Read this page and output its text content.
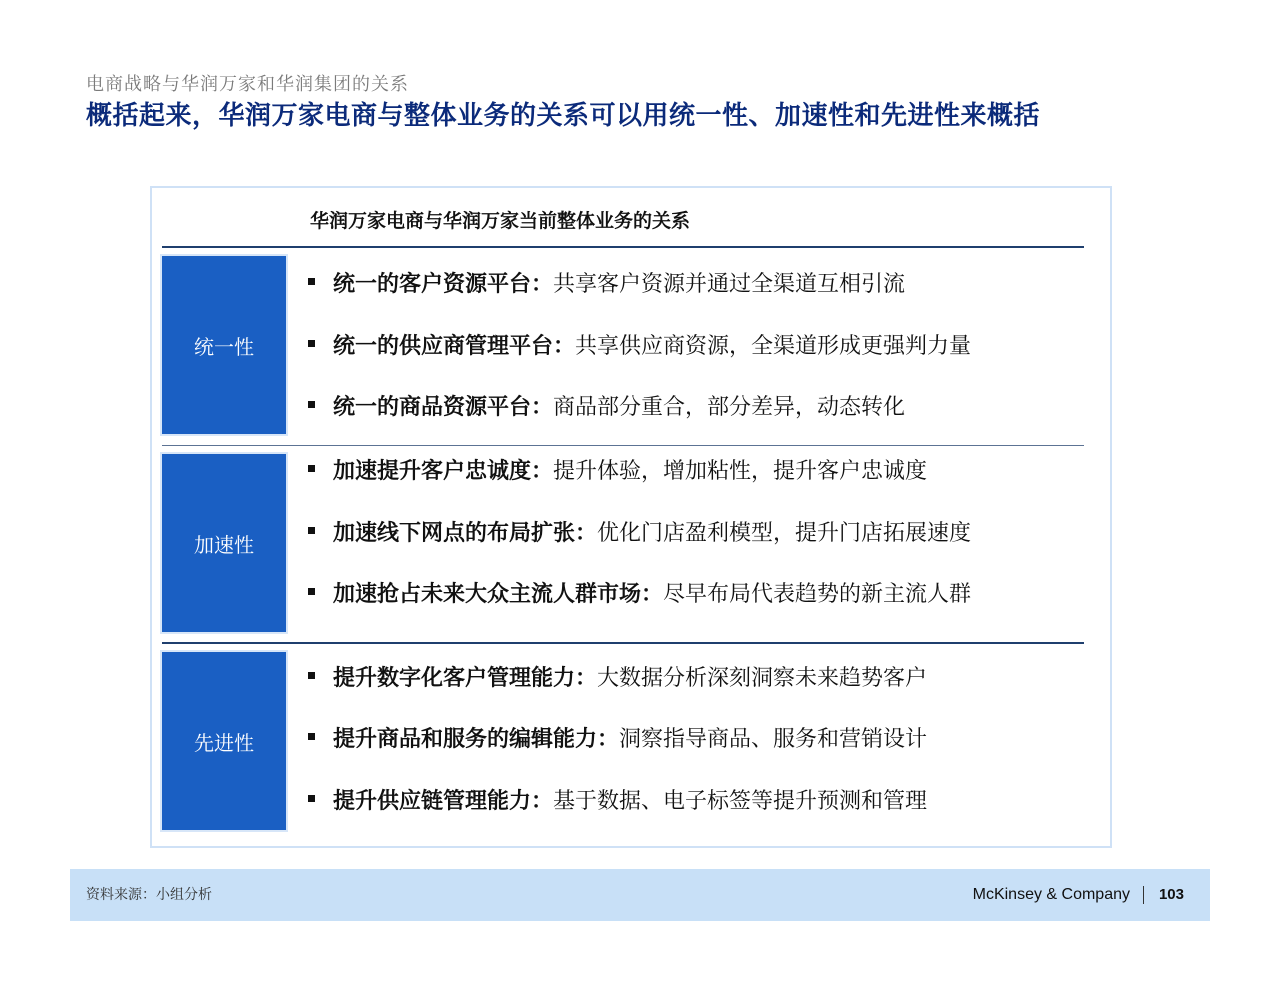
电商战略与华润万家和华润集团的关系
概括起来，华润万家电商与整体业务的关系可以用统一性、加速性和先进性来概括
华润万家电商与华润万家当前整体业务的关系
统一性
统一的客户资源平台：共享客户资源并通过全渠道互相引流
统一的供应商管理平台：共享供应商资源，全渠道形成更强判力量
统一的商品资源平台：商品部分重合，部分差异，动态转化
加速性
加速提升客户忠诚度：提升体验，增加粘性，提升客户忠诚度
加速线下网点的布局扩张：优化门店盈利模型，提升门店拓展速度
加速抢占未来大众主流人群市场：尽早布局代表趋势的新主流人群
先进性
提升数字化客户管理能力：大数据分析深刻洞察未来趋势客户
提升商品和服务的编辑能力：洞察指导商品、服务和营销设计
提升供应链管理能力：基于数据、电子标签等提升预测和管理
资料来源：小组分析	McKinsey & Company 103
